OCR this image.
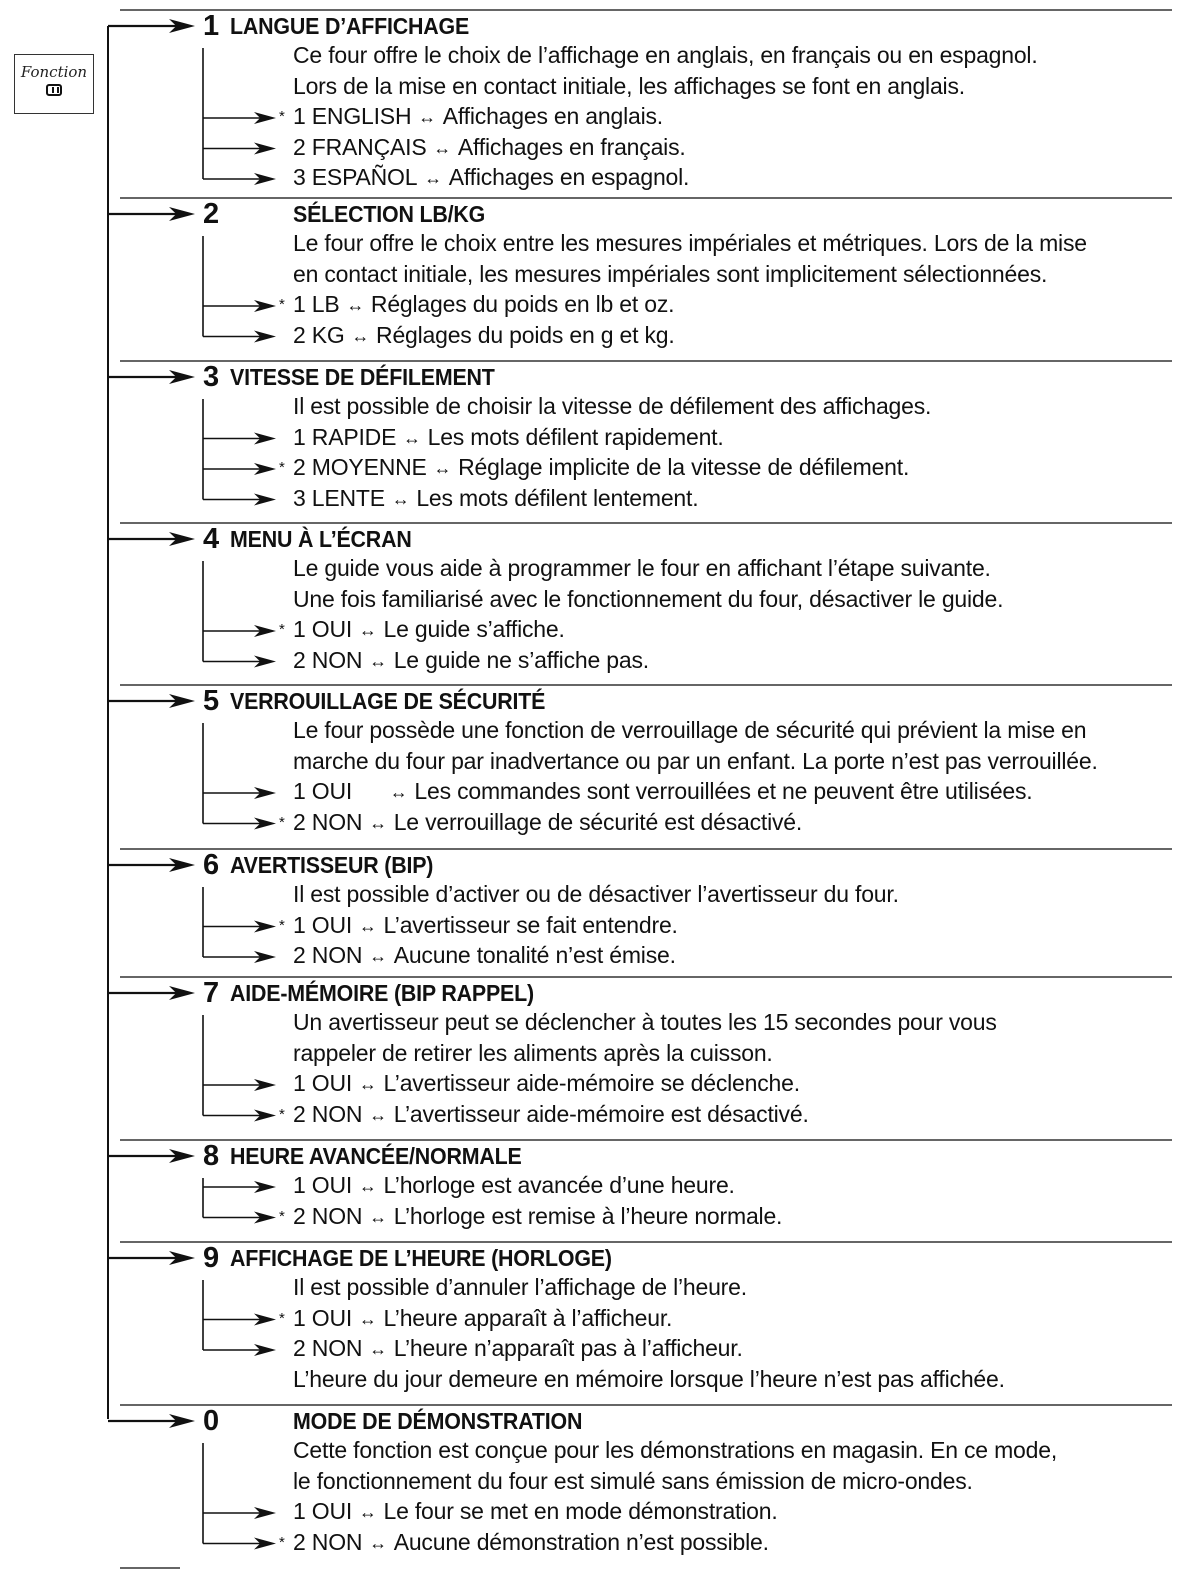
Fonction
1 LANGUE D’AFFICHAGE
Ce four offre le choix de l’affichage en anglais, en français ou en espagnol.
Lors de la mise en contact initiale, les affichages se font en anglais.
* 1 ENGLISH ↔ Affichages en anglais.
2 FRANÇAIS ↔ Affichages en français.
3 ESPAÑOL ↔ Affichages en espagnol.
2	SÉLECTION LB/KG
Le four offre le choix entre les mesures impériales et métriques. Lors de la mise
en contact initiale, les mesures impériales sont implicitement sélectionnées.
* 1 LB ↔ Réglages du poids en lb et oz.
2 KG ↔ Réglages du poids en g et kg.
3 VITESSE DE DÉFILEMENT
Il est possible de choisir la vitesse de défilement des affichages.
1 RAPIDE ↔ Les mots défilent rapidement.
* 2 MOYENNE ↔ Réglage implicite de la vitesse de défilement.
3 LENTE ↔ Les mots défilent lentement.
4 MENU À L’ÉCRAN
Le guide vous aide à programmer le four en affichant l’étape suivante.
Une fois familiarisé avec le fonctionnement du four, désactiver le guide.
* 1 OUI ↔ Le guide s’affiche.
2 NON ↔ Le guide ne s’affiche pas.
5 VERROUILLAGE DE SÉCURITÉ
Le four possède une fonction de verrouillage de sécurité qui prévient la mise en
marche du four par inadvertance ou par un enfant. La porte n’est pas verrouillée.
1 OUI ↔ Les commandes sont verrouillées et ne peuvent être utilisées.
* 2 NON ↔ Le verrouillage de sécurité est désactivé.
6 AVERTISSEUR (BIP)
Il est possible d’activer ou de désactiver l’avertisseur du four.
* 1 OUI ↔ L’avertisseur se fait entendre.
2 NON ↔ Aucune tonalité n’est émise.
7 AIDE-MÉMOIRE (BIP RAPPEL)
Un avertisseur peut se déclencher à toutes les 15 secondes pour vous
rappeler de retirer les aliments après la cuisson.
1 OUI ↔ L’avertisseur aide-mémoire se déclenche.
* 2 NON ↔ L’avertisseur aide-mémoire est désactivé.
8 HEURE AVANCÉE/NORMALE
1 OUI ↔ L’horloge est avancée d’une heure.
* 2 NON ↔ L’horloge est remise à l’heure normale.
9 AFFICHAGE DE L’HEURE (HORLOGE)
Il est possible d’annuler l’affichage de l’heure.
* 1 OUI ↔ L’heure apparaît à l’afficheur.
2 NON ↔ L’heure n’apparaît pas à l’afficheur.
L’heure du jour demeure en mémoire lorsque l’heure n’est pas affichée.
0	MODE DE DÉMONSTRATION
Cette fonction est conçue pour les démonstrations en magasin. En ce mode,
le fonctionnement du four est simulé sans émission de micro-ondes.
1 OUI ↔ Le four se met en mode démonstration.
* 2 NON ↔ Aucune démonstration n’est possible.
